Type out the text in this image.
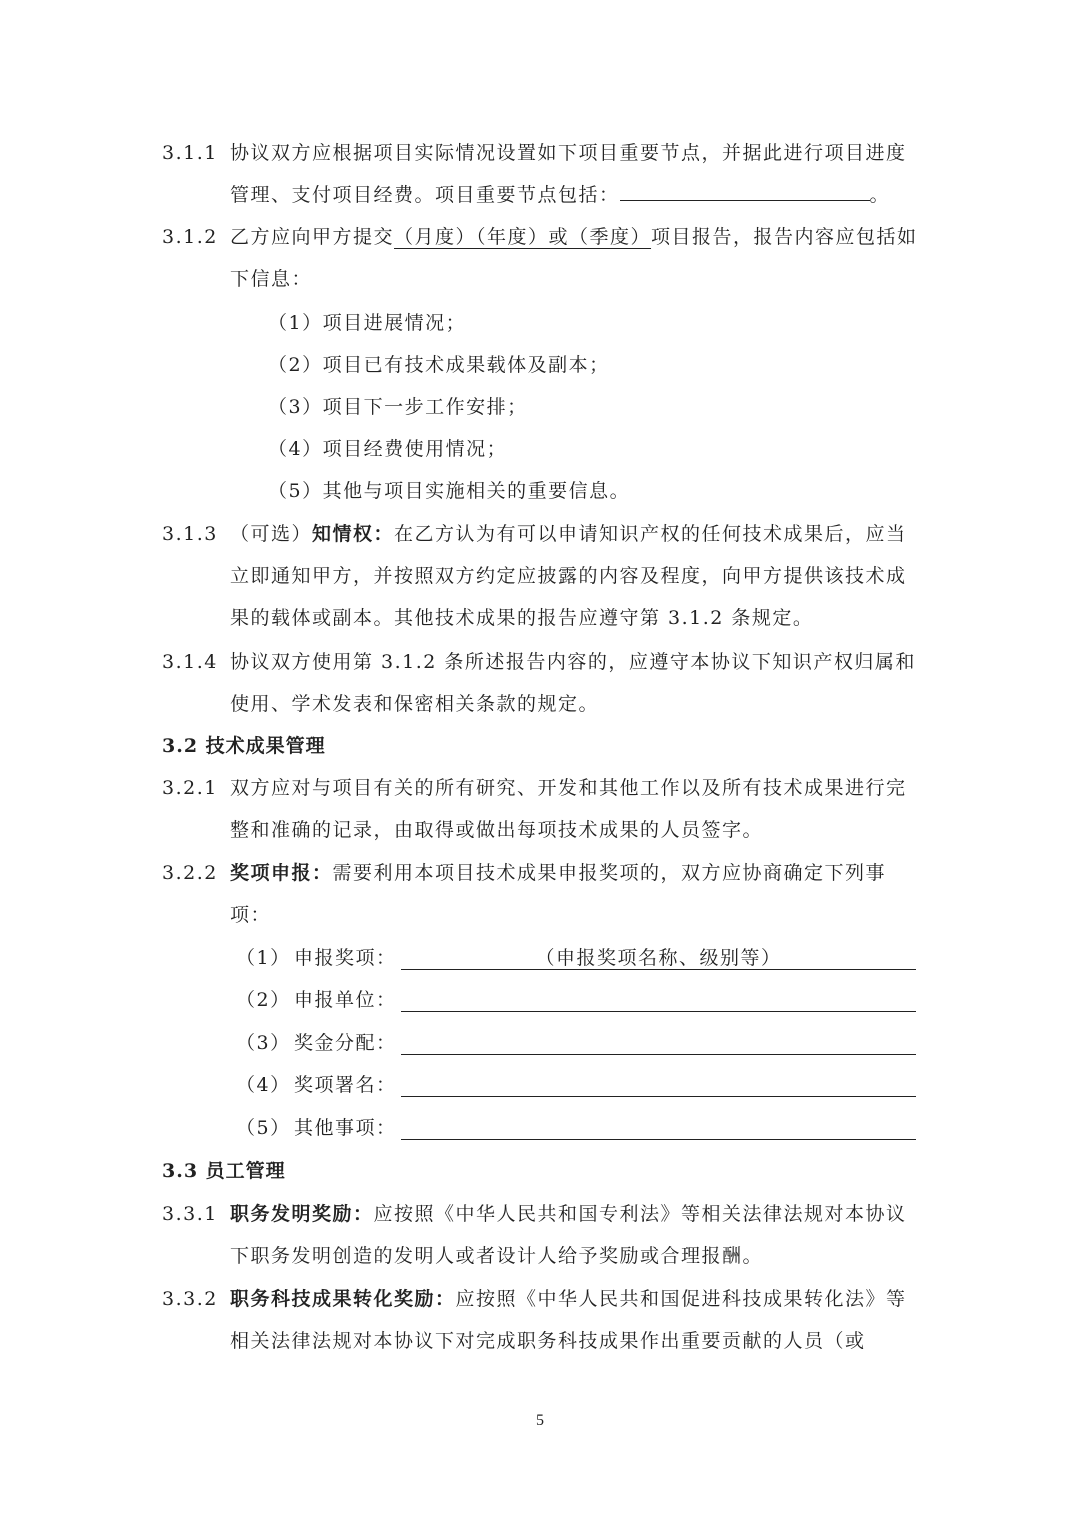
3.1.1 协议双方应根据项目实际情况设置如下项目重要节点，并据此进行项目进度管理、支付项目经费。项目重要节点包括：	。
3.1.2 乙方应向甲方提交（月度）（年度）或（季度）项目报告，报告内容应包括如下信息：
（1）项目进展情况；
（2）项目已有技术成果载体及副本；
（3）项目下一步工作安排；
（4）项目经费使用情况；
（5）其他与项目实施相关的重要信息。
3.1.3 （可选）知情权：在乙方认为有可以申请知识产权的任何技术成果后，应当立即通知甲方，并按照双方约定应披露的内容及程度，向甲方提供该技术成果的载体或副本。其他技术成果的报告应遵守第 3.1.2 条规定。
3.1.4 协议双方使用第 3.1.2 条所述报告内容的，应遵守本协议下知识产权归属和使用、学术发表和保密相关条款的规定。
3.2 技术成果管理
3.2.1 双方应对与项目有关的所有研究、开发和其他工作以及所有技术成果进行完整和准确的记录，由取得或做出每项技术成果的人员签字。
3.2.2 奖项申报：需要利用本项目技术成果申报奖项的，双方应协商确定下列事项：
（1） 申报奖项：	（申报奖项名称、级别等）
（2） 申报单位：
（3） 奖金分配：
（4） 奖项署名：
（5） 其他事项：
3.3 员工管理
3.3.1 职务发明奖励：应按照《中华人民共和国专利法》等相关法律法规对本协议下职务发明创造的发明人或者设计人给予奖励或合理报酬。
3.3.2 职务科技成果转化奖励：应按照《中华人民共和国促进科技成果转化法》等相关法律法规对本协议下对完成职务科技成果作出重要贡献的人员（或
5
